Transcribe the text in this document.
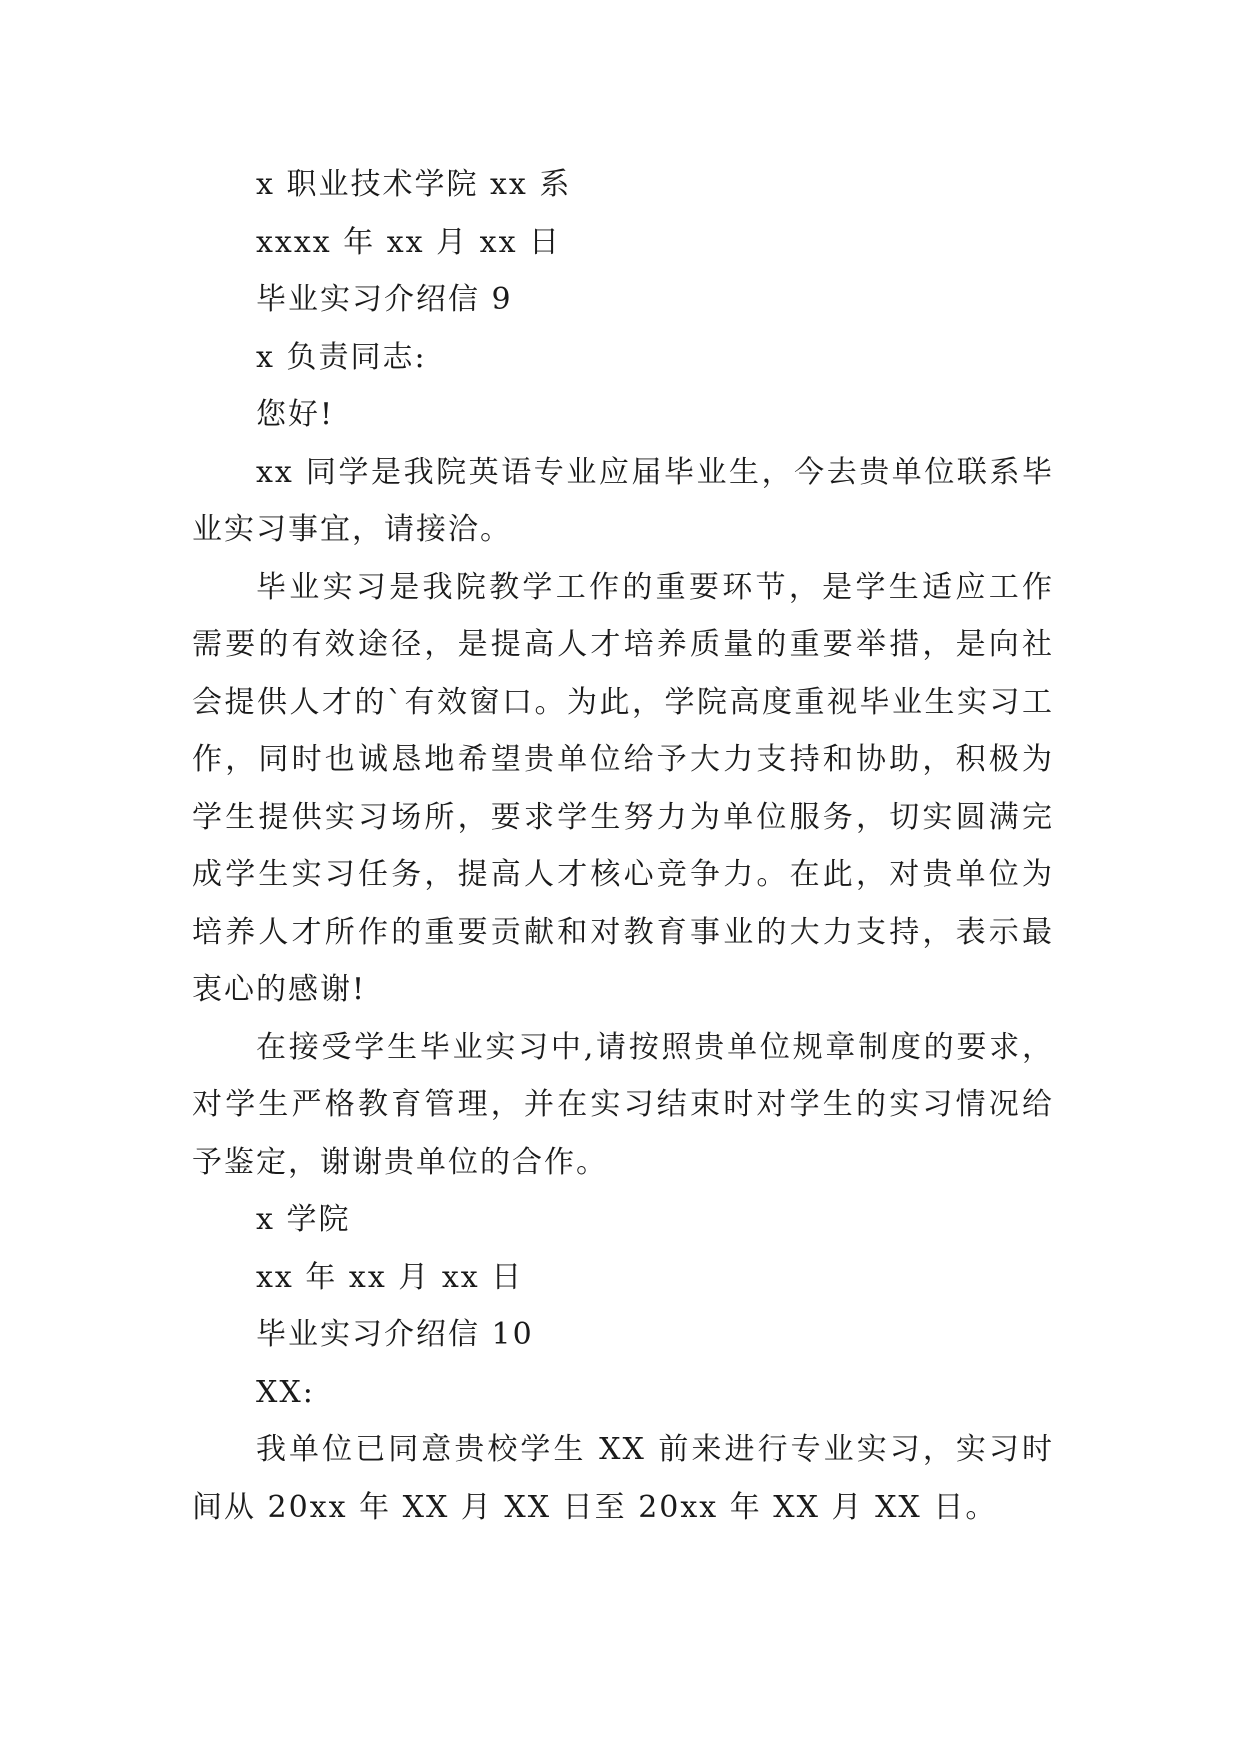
x 职业技术学院 xx 系

xxxx 年 xx 月 xx 日

毕业实习介绍信 9

x 负责同志:

您好!

xx 同学是我院英语专业应届毕业生，今去贵单位联系毕业实习事宜，请接洽。

毕业实习是我院教学工作的重要环节，是学生适应工作需要的有效途径，是提高人才培养质量的重要举措，是向社会提供人才的`有效窗口。为此，学院高度重视毕业生实习工作，同时也诚恳地希望贵单位给予大力支持和协助，积极为学生提供实习场所，要求学生努力为单位服务，切实圆满完成学生实习任务，提高人才核心竞争力。在此，对贵单位为培养人才所作的重要贡献和对教育事业的大力支持，表示最衷心的感谢!

在接受学生毕业实习中,请按照贵单位规章制度的要求，对学生严格教育管理，并在实习结束时对学生的实习情况给予鉴定，谢谢贵单位的合作。

x 学院

xx 年 xx 月 xx 日

毕业实习介绍信 10

XX:

我单位已同意贵校学生 XX 前来进行专业实习，实习时间从 20xx 年 XX 月 XX 日至 20xx 年 XX 月 XX 日。
